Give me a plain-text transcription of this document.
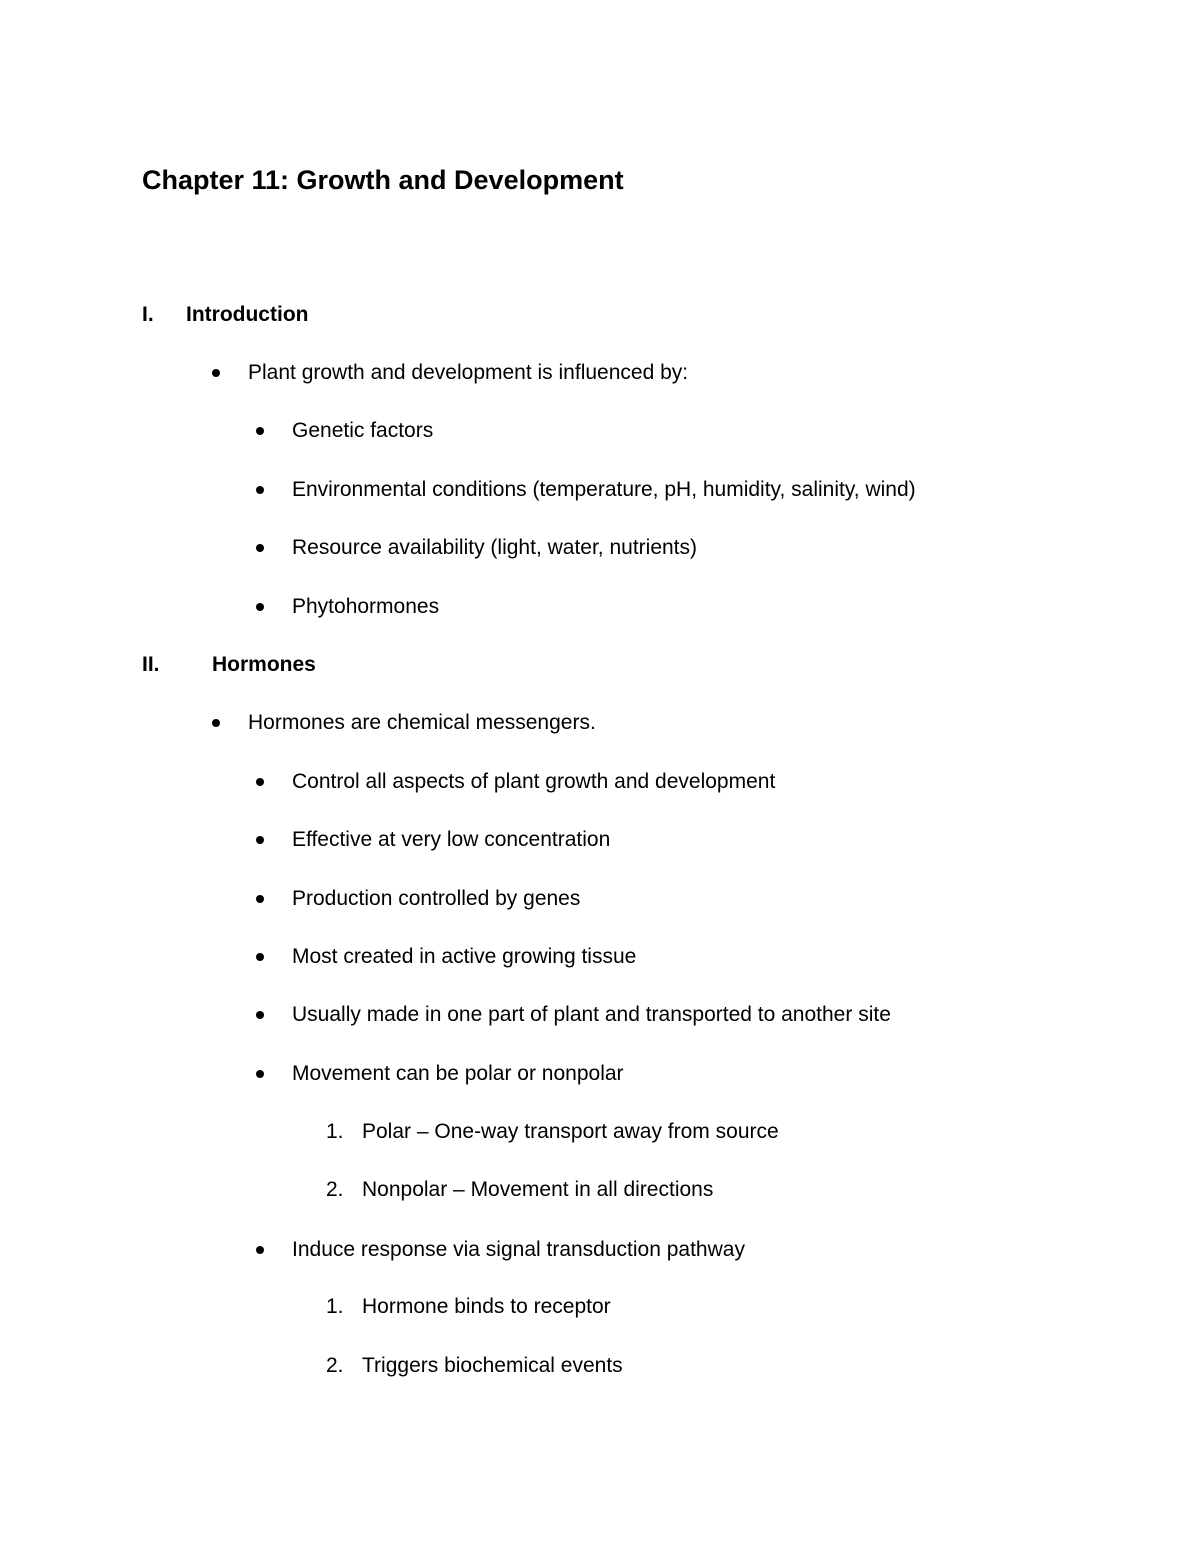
Chapter 11: Growth and Development
I. Introduction
Plant growth and development is influenced by:
Genetic factors
Environmental conditions (temperature, pH, humidity, salinity, wind)
Resource availability (light, water, nutrients)
Phytohormones
II. Hormones
Hormones are chemical messengers.
Control all aspects of plant growth and development
Effective at very low concentration
Production controlled by genes
Most created in active growing tissue
Usually made in one part of plant and transported to another site
Movement can be polar or nonpolar
1. Polar – One-way transport away from source
2. Nonpolar – Movement in all directions
Induce response via signal transduction pathway
1. Hormone binds to receptor
2. Triggers biochemical events
